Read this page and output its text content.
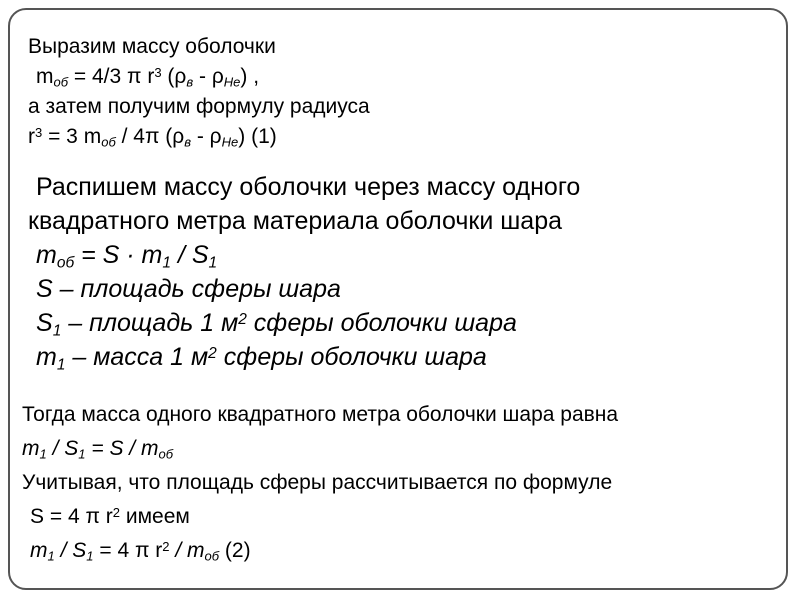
Выразим массу оболочки
$m_{об} = 4/3$ π $r^3$ $(\rho_в - \rho_{He})$ ,
а затем получим формулу радиуса
$r^3 = 3$ $m_{об} / 4\pi$ $(\rho_в - \rho_{He})$ (1)
Распишем массу оболочки через массу одного
квадратного метра материала оболочки шара
$m_{об} = S \cdot m_1 / S_1$
S – площадь сферы шара
$S_1$ – площадь 1 $м^2$ сферы оболочки шара
$m_1$ – масса 1 $м^2$ сферы оболочки шара
Тогда масса одного квадратного метра оболочки шара равна
$m_1 / S_1 = S / m_{об}$
Учитывая, что площадь сферы рассчитывается по формуле
S = 4 π $r^2$ имеем
$m_1 / S_1 = 4$ π $r^2 / m_{об}$ (2)
